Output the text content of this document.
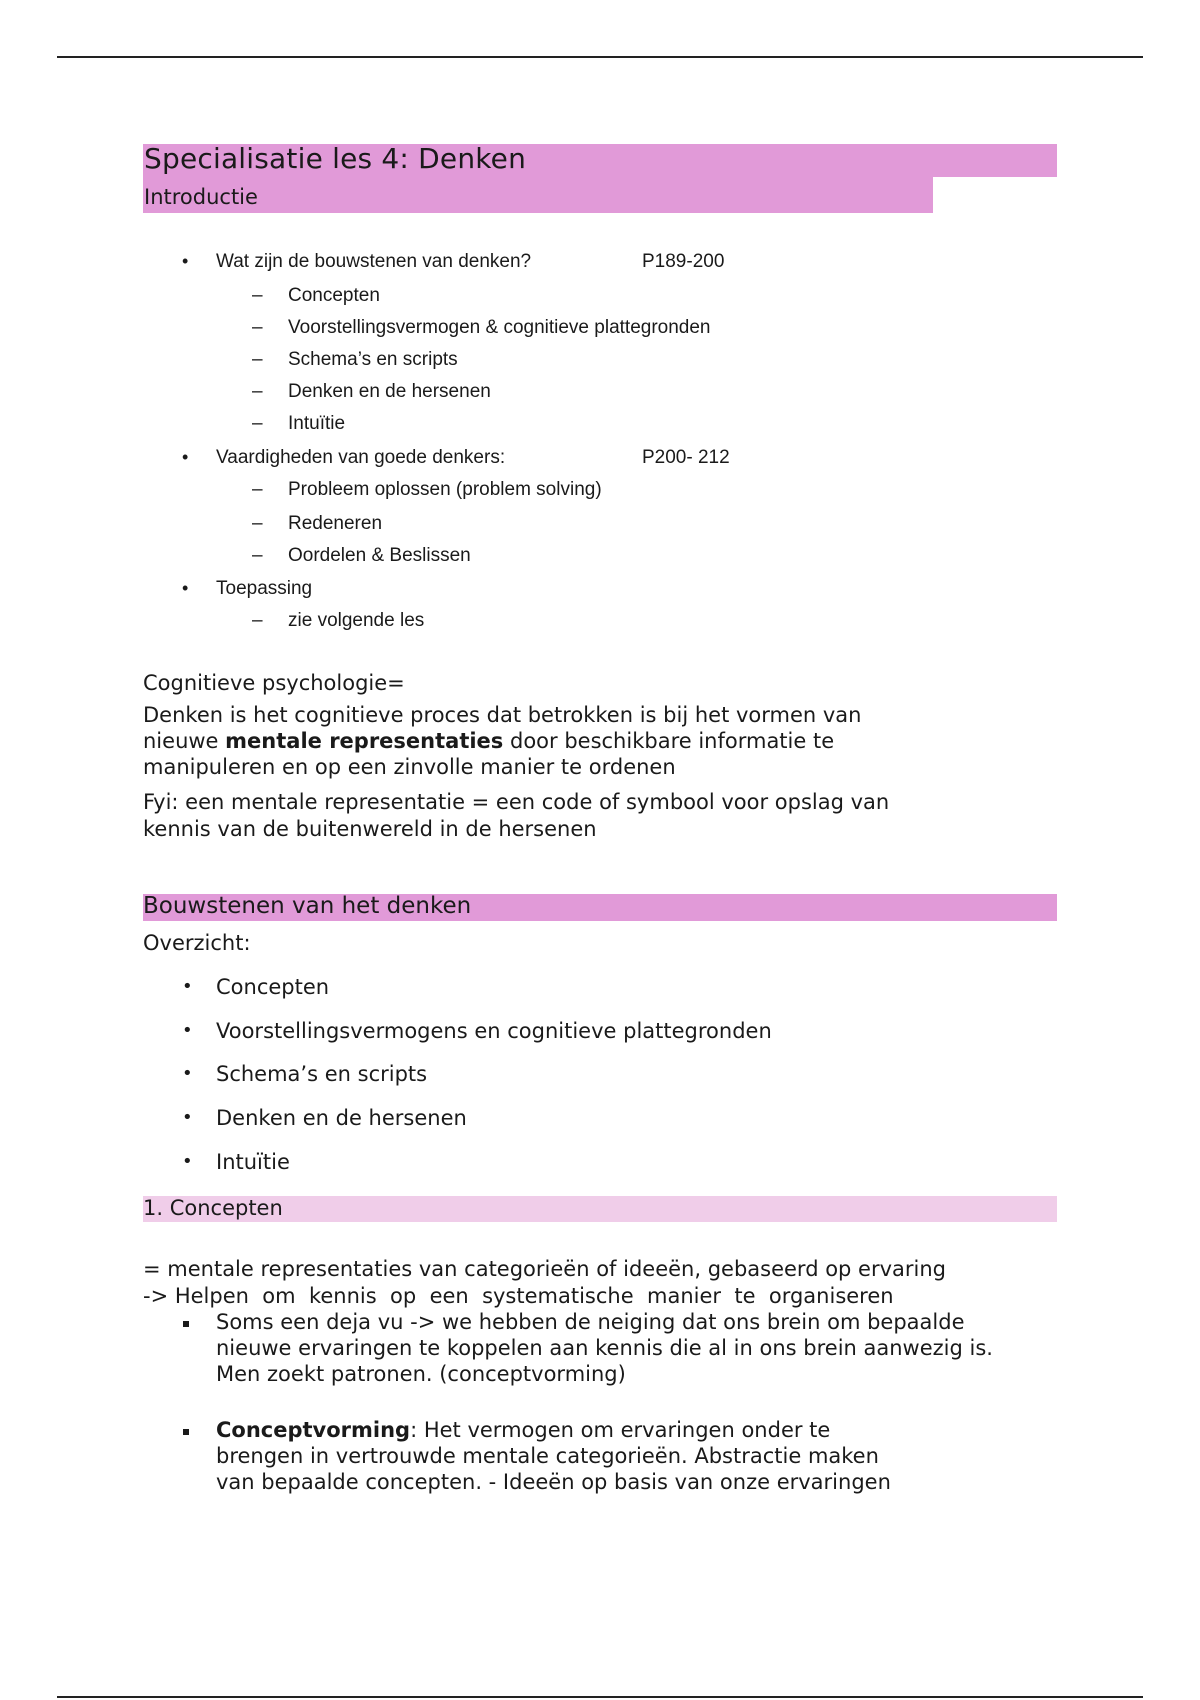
Specialisatie les 4: Denken
Introductie
• Wat zijn de bouwstenen van denken?	P189-200
– Concepten
– Voorstellingsvermogen & cognitieve plattegronden
– Schema’s en scripts
– Denken en de hersenen
– Intuïtie
• Vaardigheden van goede denkers:	P200- 212
– Probleem oplossen (problem solving)
– Redeneren
– Oordelen & Beslissen
• Toepassing
– zie volgende les
Cognitieve psychologie=
Denken is het cognitieve proces dat betrokken is bij het vormen van
nieuwe mentale representaties door beschikbare informatie te
manipuleren en op een zinvolle manier te ordenen
Fyi: een mentale representatie = een code of symbool voor opslag van
kennis van de buitenwereld in de hersenen
Bouwstenen van het denken
Overzicht:
• Concepten
• Voorstellingsvermogens en cognitieve plattegronden
• Schema’s en scripts
• Denken en de hersenen
• Intuïtie
1. Concepten
= mentale representaties van categorieën of ideeën, gebaseerd op ervaring
-> Helpen  om  kennis  op  een  systematische  manier  te  organiseren
Soms een deja vu -> we hebben de neiging dat ons brein om bepaalde
nieuwe ervaringen te koppelen aan kennis die al in ons brein aanwezig is.
Men zoekt patronen. (conceptvorming)
Conceptvorming: Het vermogen om ervaringen onder te
brengen in vertrouwde mentale categorieën. Abstractie maken
van bepaalde concepten. - Ideeën op basis van onze ervaringen
